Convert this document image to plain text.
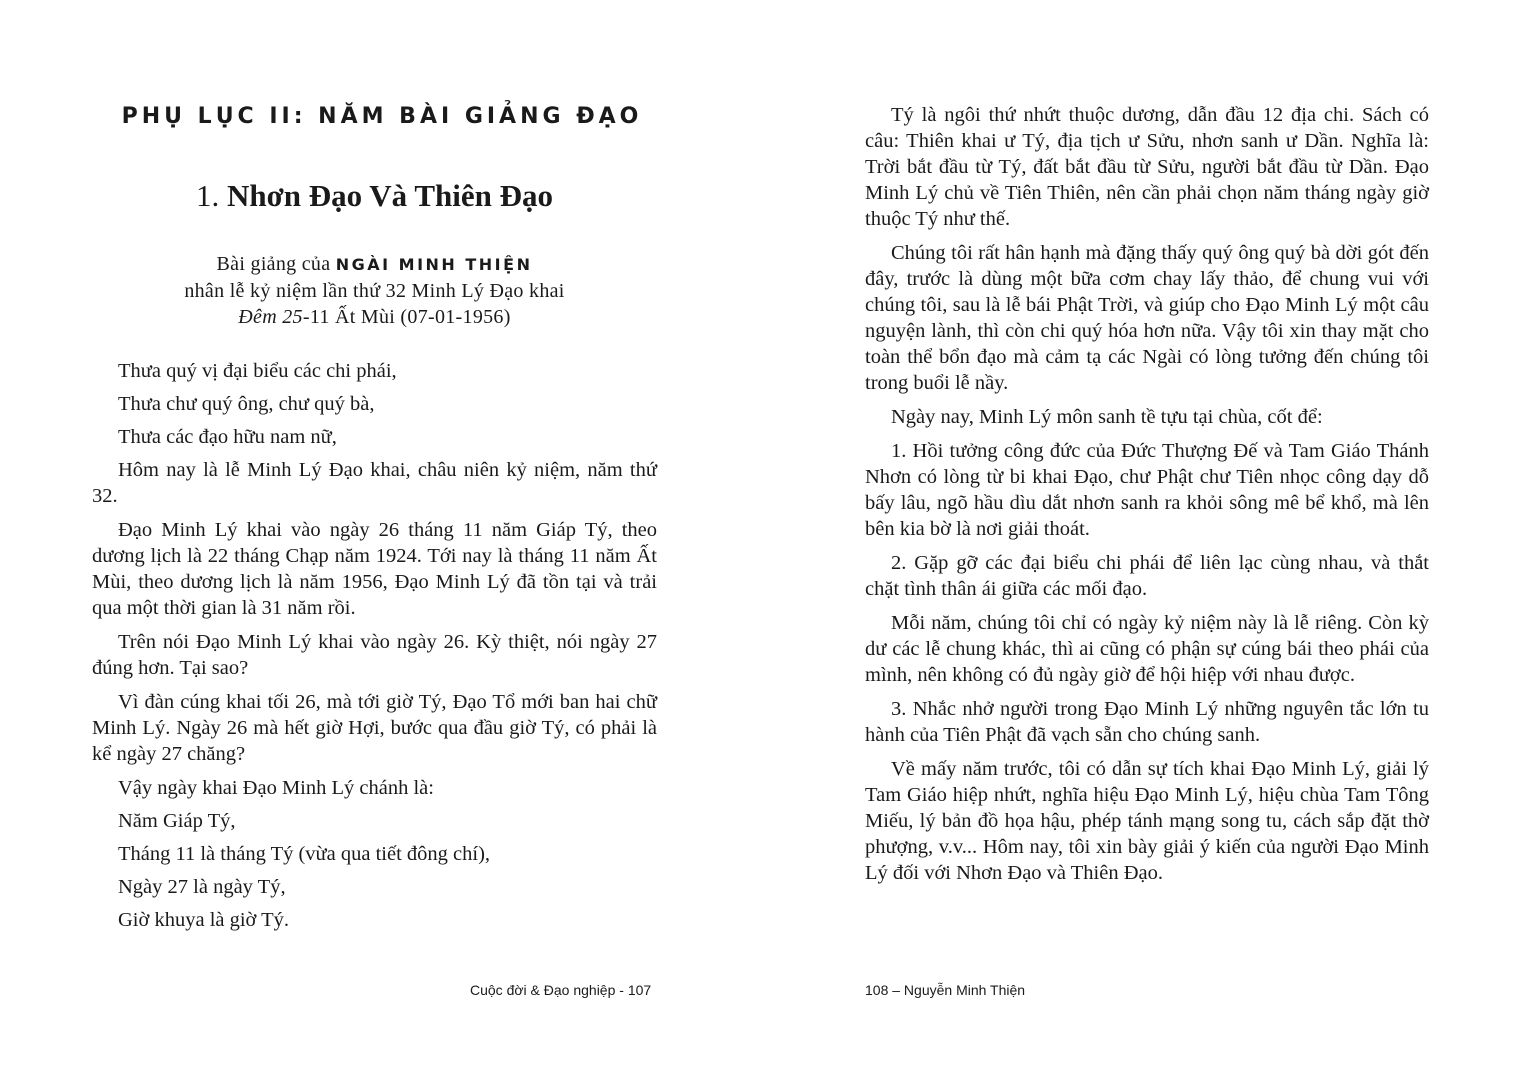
PHỤ LỤC II: NĂM BÀI GIẢNG ĐẠO
1. Nhơn Đạo Và Thiên Đạo
Bài giảng của NGÀI MINH THIỆN
nhân lễ kỷ niệm lần thứ 32 Minh Lý Đạo khai
Đêm 25-11 Ất Mùi (07-01-1956)

Thưa quý vị đại biểu các chi phái,

Thưa chư quý ông, chư quý bà,

Thưa các đạo hữu nam nữ,

Hôm nay là lễ Minh Lý Đạo khai, châu niên kỷ niệm, năm thứ 32.

Đạo Minh Lý khai vào ngày 26 tháng 11 năm Giáp Tý, theo dương lịch là 22 tháng Chạp năm 1924. Tới nay là tháng 11 năm Ất Mùi, theo dương lịch là năm 1956, Đạo Minh Lý đã tồn tại và trải qua một thời gian là 31 năm rồi.

Trên nói Đạo Minh Lý khai vào ngày 26. Kỳ thiệt, nói ngày 27 đúng hơn. Tại sao?

Vì đàn cúng khai tối 26, mà tới giờ Tý, Đạo Tổ mới ban hai chữ Minh Lý. Ngày 26 mà hết giờ Hợi, bước qua đầu giờ Tý, có phải là kể ngày 27 chăng?

Vậy ngày khai Đạo Minh Lý chánh là:

Năm Giáp Tý,

Tháng 11 là tháng Tý (vừa qua tiết đông chí),

Ngày 27 là ngày Tý,

Giờ khuya là giờ Tý.

Cuộc đời & Đạo nghiệp - 107

Tý là ngôi thứ nhứt thuộc dương, dẫn đầu 12 địa chi. Sách có câu: Thiên khai ư Tý, địa tịch ư Sửu, nhơn sanh ư Dần. Nghĩa là: Trời bắt đầu từ Tý, đất bắt đầu từ Sửu, người bắt đầu từ Dần. Đạo Minh Lý chủ về Tiên Thiên, nên cần phải chọn năm tháng ngày giờ thuộc Tý như thế.

Chúng tôi rất hân hạnh mà đặng thấy quý ông quý bà dời gót đến đây, trước là dùng một bữa cơm chay lấy thảo, để chung vui với chúng tôi, sau là lễ bái Phật Trời, và giúp cho Đạo Minh Lý một câu nguyện lành, thì còn chi quý hóa hơn nữa. Vậy tôi xin thay mặt cho toàn thể bổn đạo mà cảm tạ các Ngài có lòng tưởng đến chúng tôi trong buổi lễ nầy.

Ngày nay, Minh Lý môn sanh tề tựu tại chùa, cốt để:

1. Hồi tưởng công đức của Đức Thượng Đế và Tam Giáo Thánh Nhơn có lòng từ bi khai Đạo, chư Phật chư Tiên nhọc công dạy dỗ bấy lâu, ngõ hầu dìu dắt nhơn sanh ra khỏi sông mê bể khổ, mà lên bên kia bờ là nơi giải thoát.

2. Gặp gỡ các đại biểu chi phái để liên lạc cùng nhau, và thắt chặt tình thân ái giữa các mối đạo.

Mỗi năm, chúng tôi chỉ có ngày kỷ niệm này là lễ riêng. Còn kỳ dư các lễ chung khác, thì ai cũng có phận sự cúng bái theo phái của mình, nên không có đủ ngày giờ để hội hiệp với nhau được.

3. Nhắc nhở người trong Đạo Minh Lý những nguyên tắc lớn tu hành của Tiên Phật đã vạch sẵn cho chúng sanh.

Về mấy năm trước, tôi có dẫn sự tích khai Đạo Minh Lý, giải lý Tam Giáo hiệp nhứt, nghĩa hiệu Đạo Minh Lý, hiệu chùa Tam Tông Miếu, lý bản đồ họa hậu, phép tánh mạng song tu, cách sắp đặt thờ phượng, v.v... Hôm nay, tôi xin bày giải ý kiến của người Đạo Minh Lý đối với Nhơn Đạo và Thiên Đạo.

108 – Nguyễn Minh Thiện
